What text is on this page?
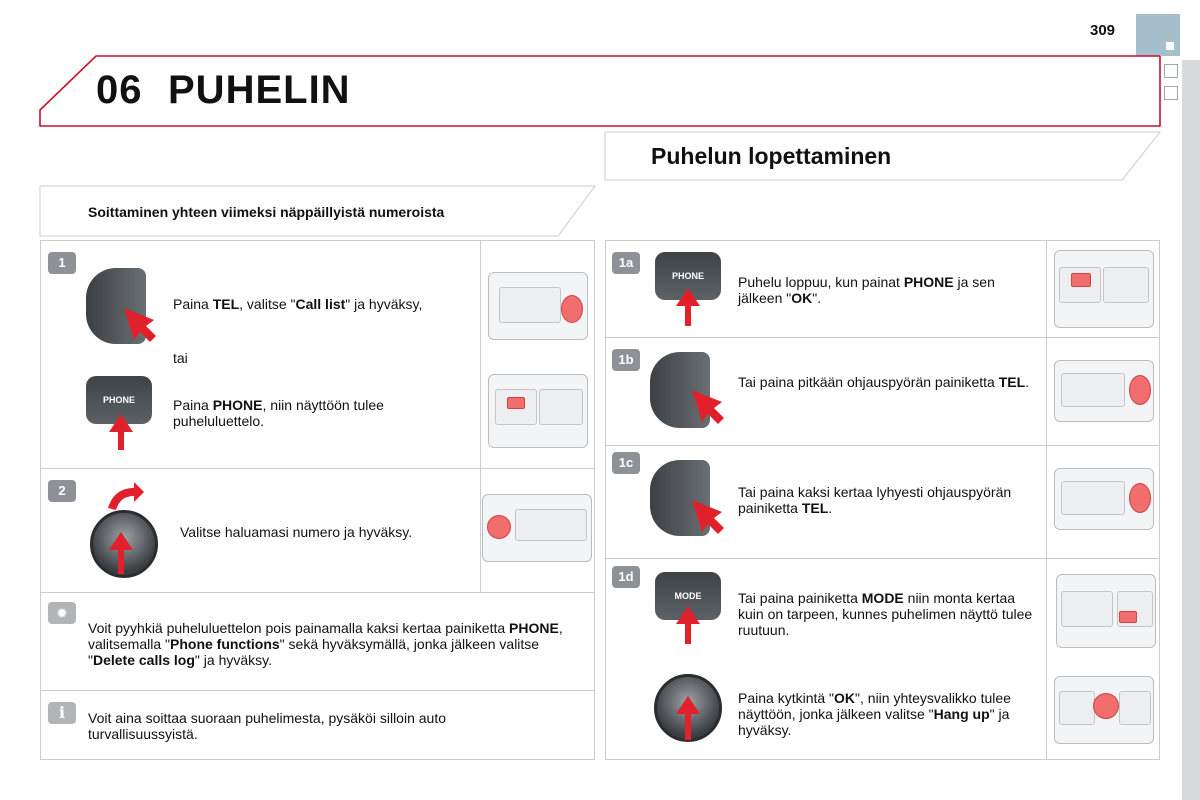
309
06 PUHELIN
Soittaminen yhteen viimeksi näppäillyistä numeroista
Puhelun lopettaminen
1
Paina TEL, valitse "Call list" ja hyväksy,
tai
PHONE	Paina PHONE, niin näyttöön tulee puheluluettelo.
2
Valitse haluamasi numero ja hyväksy.
✹
Voit pyyhkiä puheluluettelon pois painamalla kaksi kertaa painiketta PHONE, valitsemalla "Phone functions" sekä hyväksymällä, jonka jälkeen valitse "Delete calls log" ja hyväksy.
i	Voit aina soittaa suoraan puhelimesta, pysäköi silloin auto turvallisuussyistä.
1a
PHONE	Puhelu loppuu, kun painat PHONE ja sen jälkeen "OK".
1b
Tai paina pitkään ohjauspyörän painiketta TEL.
1c
Tai paina kaksi kertaa lyhyesti ohjauspyörän painiketta TEL.
1d
MODE	Tai paina painiketta MODE niin monta kertaa kuin on tarpeen, kunnes puhelimen näyttö tulee ruutuun.
Paina kytkintä "OK", niin yhteysvalikko tulee näyttöön, jonka jälkeen valitse "Hang up" ja hyväksy.
